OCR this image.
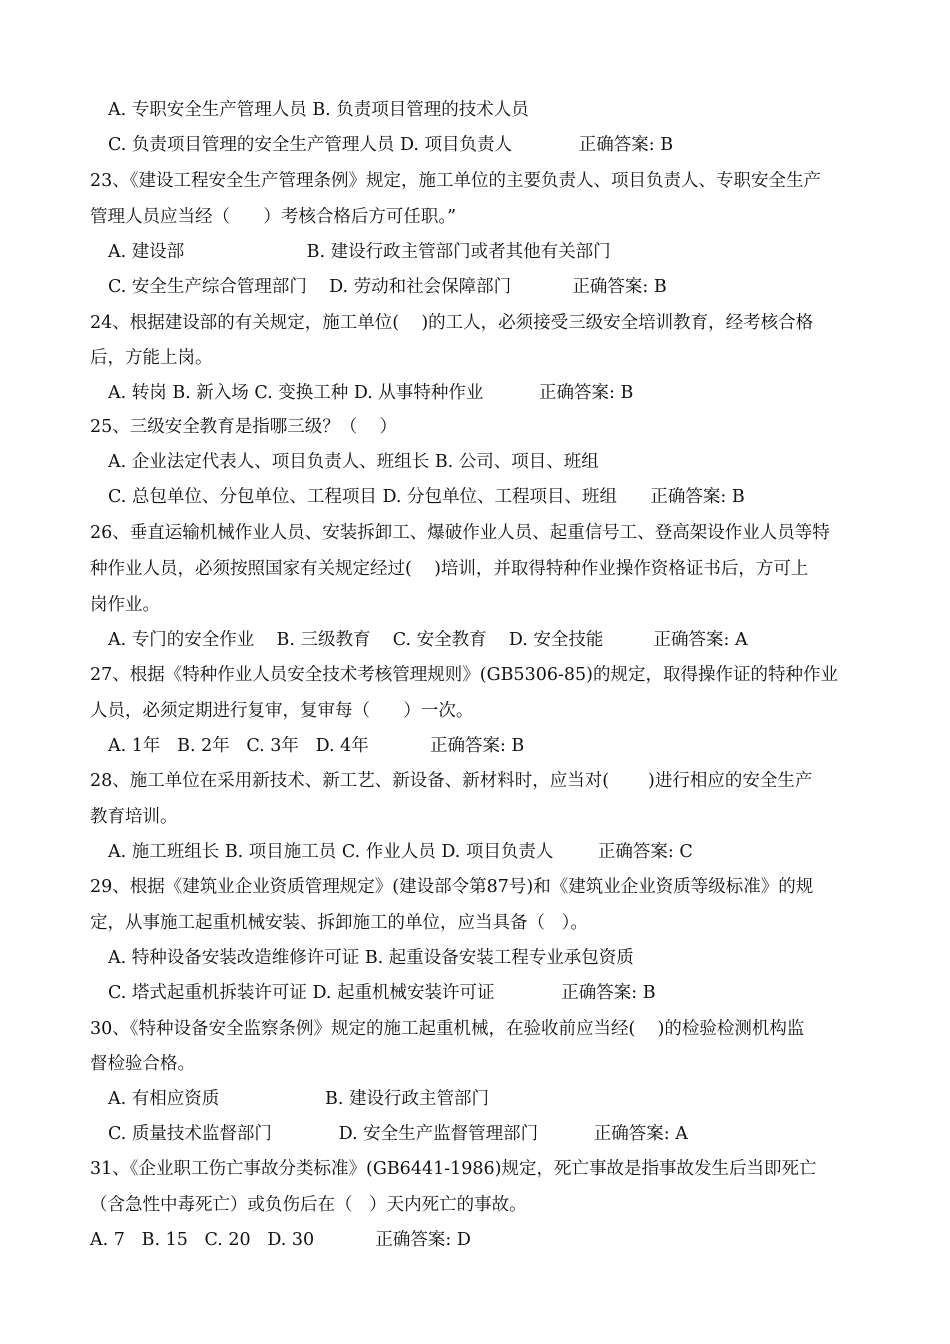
A. 专职安全生产管理人员 B. 负责项目管理的技术人员
C. 负责项目管理的安全生产管理人员 D. 项目负责人            正确答案: B
23、《建设工程安全生产管理条例》规定，施工单位的主要负责人、项目负责人、专职安全生产
管理人员应当经（      ）考核合格后方可任职。”
A. 建设部                      B. 建设行政主管部门或者其他有关部门
C. 安全生产综合管理部门    D. 劳动和社会保障部门           正确答案: B
24、根据建设部的有关规定，施工单位(    )的工人，必须接受三级安全培训教育，经考核合格
后，方能上岗。
A. 转岗 B. 新入场 C. 变换工种 D. 从事特种作业          正确答案: B
25、三级安全教育是指哪三级？（    ）
A. 企业法定代表人、项目负责人、班组长 B. 公司、项目、班组
C. 总包单位、分包单位、工程项目 D. 分包单位、工程项目、班组      正确答案: B
26、垂直运输机械作业人员、安装拆卸工、爆破作业人员、起重信号工、登高架设作业人员等特
种作业人员，必须按照国家有关规定经过(    )培训，并取得特种作业操作资格证书后，方可上
岗作业。
A. 专门的安全作业    B. 三级教育    C. 安全教育    D. 安全技能         正确答案: A
27、根据《特种作业人员安全技术考核管理规则》(GB5306-85)的规定，取得操作证的特种作业
人员，必须定期进行复审，复审每（      ）一次。
A. 1年   B. 2年   C. 3年   D. 4年           正确答案: B
28、施工单位在采用新技术、新工艺、新设备、新材料时，应当对(       )进行相应的安全生产
教育培训。
A. 施工班组长 B. 项目施工员 C. 作业人员 D. 项目负责人        正确答案: C
29、根据《建筑业企业资质管理规定》(建设部令第87号)和《建筑业企业资质等级标准》的规
定，从事施工起重机械安装、拆卸施工的单位，应当具备（   ）。
A. 特种设备安装改造维修许可证 B. 起重设备安装工程专业承包资质
C. 塔式起重机拆装许可证 D. 起重机械安装许可证            正确答案: B
30、《特种设备安全监察条例》规定的施工起重机械，在验收前应当经(    )的检验检测机构监
督检验合格。
A. 有相应资质                   B. 建设行政主管部门
C. 质量技术监督部门            D. 安全生产监督管理部门          正确答案: A
31、《企业职工伤亡事故分类标准》(GB6441-1986)规定，死亡事故是指事故发生后当即死亡
（含急性中毒死亡）或负伤后在（   ）天内死亡的事故。
A. 7   B. 15   C. 20   D. 30           正确答案: D
